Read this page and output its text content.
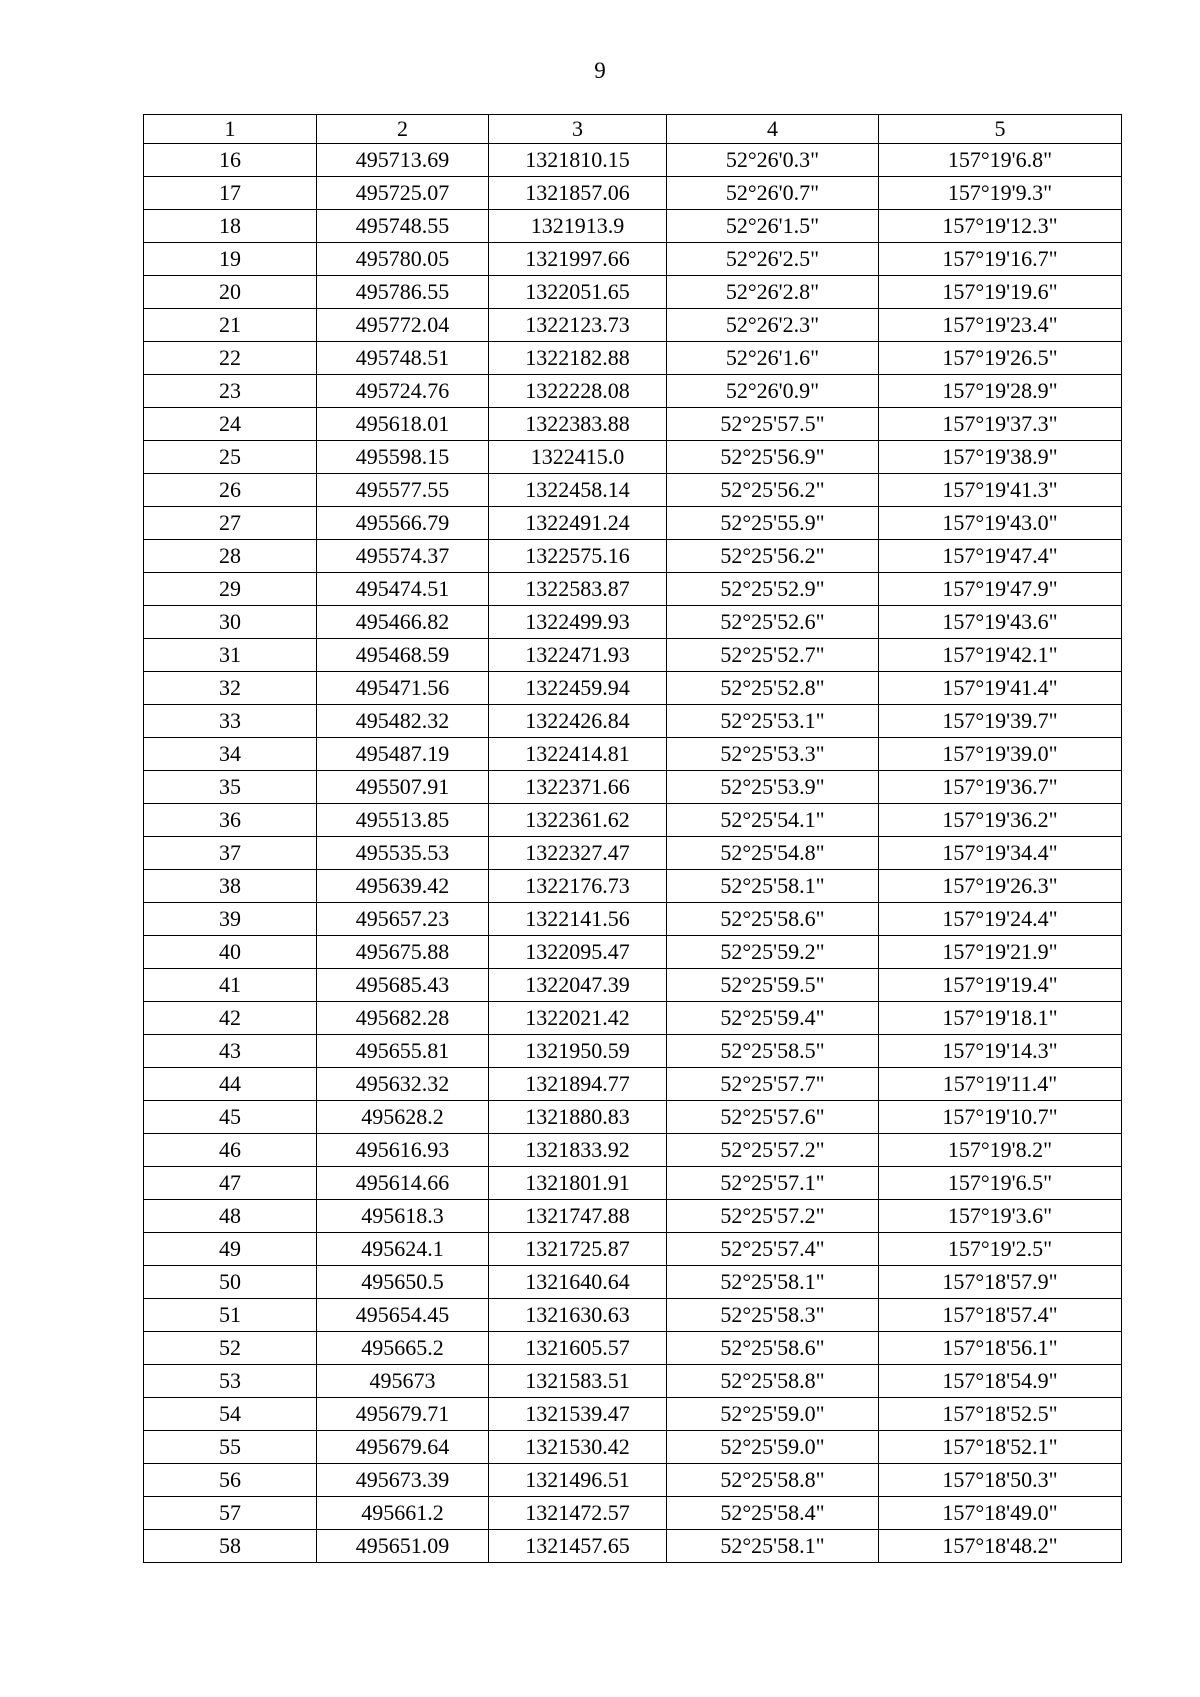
9
1	2	3	4	5
16	495713.69	1321810.15	52°26'0.3"	157°19'6.8"
17	495725.07	1321857.06	52°26'0.7"	157°19'9.3"
18	495748.55	1321913.9	52°26'1.5"	157°19'12.3"
19	495780.05	1321997.66	52°26'2.5"	157°19'16.7"
20	495786.55	1322051.65	52°26'2.8"	157°19'19.6"
21	495772.04	1322123.73	52°26'2.3"	157°19'23.4"
22	495748.51	1322182.88	52°26'1.6"	157°19'26.5"
23	495724.76	1322228.08	52°26'0.9"	157°19'28.9"
24	495618.01	1322383.88	52°25'57.5"	157°19'37.3"
25	495598.15	1322415.0	52°25'56.9"	157°19'38.9"
26	495577.55	1322458.14	52°25'56.2"	157°19'41.3"
27	495566.79	1322491.24	52°25'55.9"	157°19'43.0"
28	495574.37	1322575.16	52°25'56.2"	157°19'47.4"
29	495474.51	1322583.87	52°25'52.9"	157°19'47.9"
30	495466.82	1322499.93	52°25'52.6"	157°19'43.6"
31	495468.59	1322471.93	52°25'52.7"	157°19'42.1"
32	495471.56	1322459.94	52°25'52.8"	157°19'41.4"
33	495482.32	1322426.84	52°25'53.1"	157°19'39.7"
34	495487.19	1322414.81	52°25'53.3"	157°19'39.0"
35	495507.91	1322371.66	52°25'53.9"	157°19'36.7"
36	495513.85	1322361.62	52°25'54.1"	157°19'36.2"
37	495535.53	1322327.47	52°25'54.8"	157°19'34.4"
38	495639.42	1322176.73	52°25'58.1"	157°19'26.3"
39	495657.23	1322141.56	52°25'58.6"	157°19'24.4"
40	495675.88	1322095.47	52°25'59.2"	157°19'21.9"
41	495685.43	1322047.39	52°25'59.5"	157°19'19.4"
42	495682.28	1322021.42	52°25'59.4"	157°19'18.1"
43	495655.81	1321950.59	52°25'58.5"	157°19'14.3"
44	495632.32	1321894.77	52°25'57.7"	157°19'11.4"
45	495628.2	1321880.83	52°25'57.6"	157°19'10.7"
46	495616.93	1321833.92	52°25'57.2"	157°19'8.2"
47	495614.66	1321801.91	52°25'57.1"	157°19'6.5"
48	495618.3	1321747.88	52°25'57.2"	157°19'3.6"
49	495624.1	1321725.87	52°25'57.4"	157°19'2.5"
50	495650.5	1321640.64	52°25'58.1"	157°18'57.9"
51	495654.45	1321630.63	52°25'58.3"	157°18'57.4"
52	495665.2	1321605.57	52°25'58.6"	157°18'56.1"
53	495673	1321583.51	52°25'58.8"	157°18'54.9"
54	495679.71	1321539.47	52°25'59.0"	157°18'52.5"
55	495679.64	1321530.42	52°25'59.0"	157°18'52.1"
56	495673.39	1321496.51	52°25'58.8"	157°18'50.3"
57	495661.2	1321472.57	52°25'58.4"	157°18'49.0"
58	495651.09	1321457.65	52°25'58.1"	157°18'48.2"
